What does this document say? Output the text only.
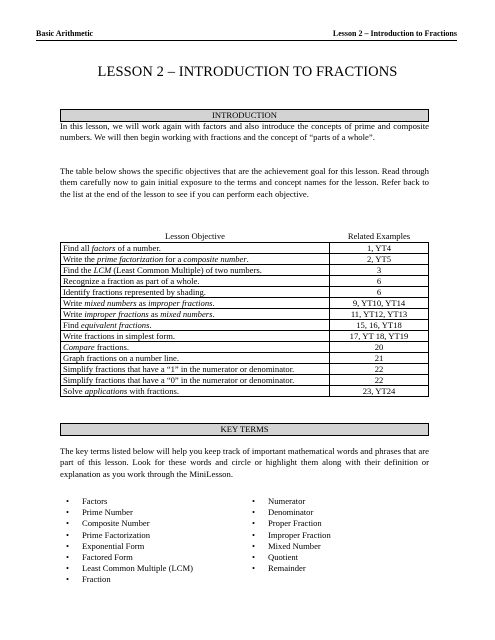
Basic Arithmetic	Lesson 2 – Introduction to Fractions
LESSON 2 – INTRODUCTION TO FRACTIONS
INTRODUCTION
In this lesson, we will work again with factors and also introduce the concepts of prime and composite numbers. We will then begin working with fractions and the concept of “parts of a whole”.
The table below shows the specific objectives that are the achievement goal for this lesson. Read through them carefully now to gain initial exposure to the terms and concept names for the lesson. Refer back to the list at the end of the lesson to see if you can perform each objective.
Lesson Objective	Related Examples
Find all factors of a number.	1, YT4
Write the prime factorization for a composite number.	2, YT5
Find the LCM (Least Common Multiple) of two numbers.	3
Recognize a fraction as part of a whole.	6
Identify fractions represented by shading.	6
Write mixed numbers as improper fractions.	9, YT10, YT14
Write improper fractions as mixed numbers.	11, YT12, YT13
Find equivalent fractions.	15, 16, YT18
Write fractions in simplest form.	17, YT 18, YT19
Compare fractions.	20
Graph fractions on a number line.	21
Simplify fractions that have a “1” in the numerator or denominator.	22
Simplify fractions that have a “0” in the numerator or denominator.	22
Solve applications with fractions.	23, YT24
KEY TERMS
The key terms listed below will help you keep track of important mathematical words and phrases that are part of this lesson. Look for these words and circle or highlight them along with their definition or explanation as you work through the MiniLesson.
• Factors
• Prime Number
• Composite Number
• Prime Factorization
• Exponential Form
• Factored Form
• Least Common Multiple (LCM)
• Fraction
• Numerator
• Denominator
• Proper Fraction
• Improper Fraction
• Mixed Number
• Quotient
• Remainder
